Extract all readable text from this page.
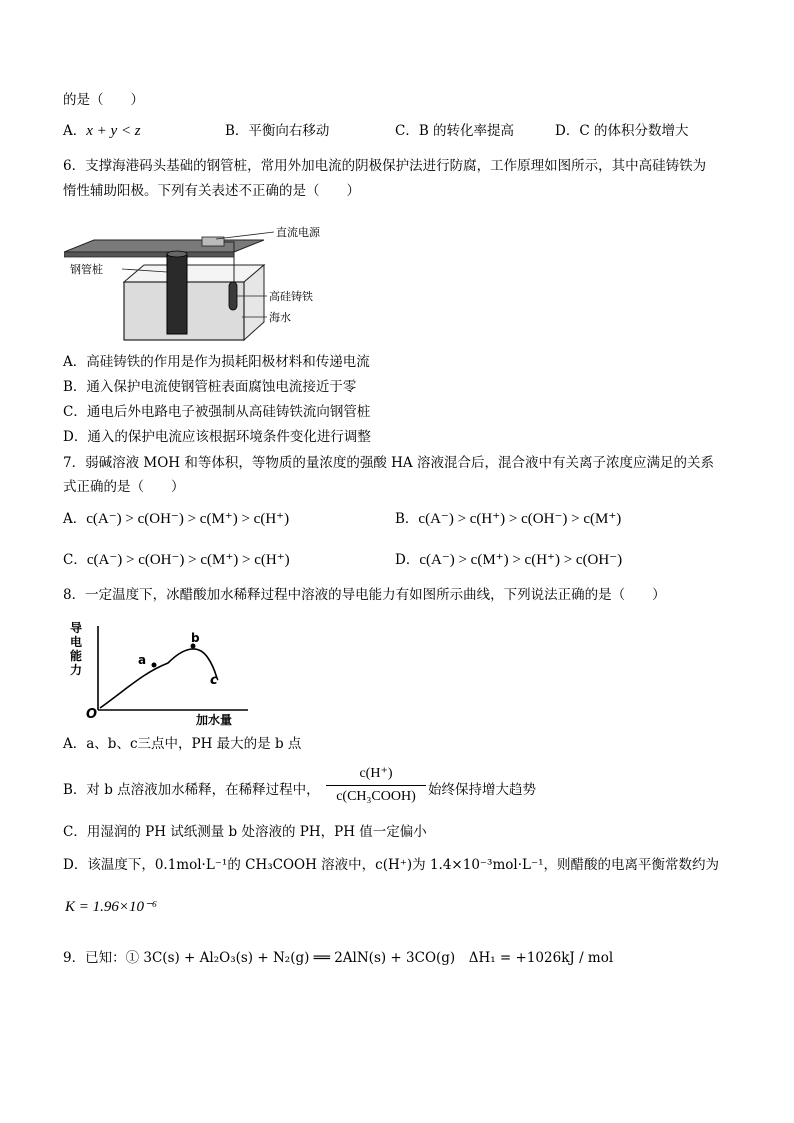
的是（　　）
A．x + y < z	B．平衡向右移动	C．B 的转化率提高	D．C 的体积分数增大
6．支撑海港码头基础的钢管桩，常用外加电流的阴极保护法进行防腐，工作原理如图所示，其中高硅铸铁为
惰性辅助阳极。下列有关表述不正确的是（　　）
直流电源
钢管桩
高硅铸铁
海水
A．高硅铸铁的作用是作为损耗阳极材料和传递电流
B．通入保护电流使钢管桩表面腐蚀电流接近于零
C．通电后外电路电子被强制从高硅铸铁流向钢管桩
D．通入的保护电流应该根据环境条件变化进行调整
7．弱碱溶液 MOH 和等体积，等物质的量浓度的强酸 HA 溶液混合后，混合液中有关离子浓度应满足的关系
式正确的是（　　）
A．c(A⁻) > c(OH⁻) > c(M⁺) > c(H⁺)	B．c(A⁻) > c(H⁺) > c(OH⁻) > c(M⁺)
C．c(A⁻) > c(OH⁻) > c(M⁺) > c(H⁺)	D．c(A⁻) > c(M⁺) > c(H⁺) > c(OH⁻)
8．一定温度下，冰醋酸加水稀释过程中溶液的导电能力有如图所示曲线，下列说法正确的是（　　）
导
电
能
力
O	加水量
a
b
c
A．a、b、c三点中，PH 最大的是 b 点
B．对 b 点溶液加水稀释，在稀释过程中，
c(H⁺)
c(CH₃COOH) 始终保持增大趋势
C．用湿润的 PH 试纸测量 b 处溶液的 PH，PH 值一定偏小
D．该温度下，0.1mol·L⁻¹的 CH₃COOH 溶液中，c(H⁺)为 1.4×10⁻³mol·L⁻¹，则醋酸的电离平衡常数约为
K = 1.96×10⁻⁶
9．已知：① 3C(s) + Al₂O₃(s) + N₂(g) ══ 2AlN(s) + 3CO(g)　ΔH₁ = +1026kJ / mol
